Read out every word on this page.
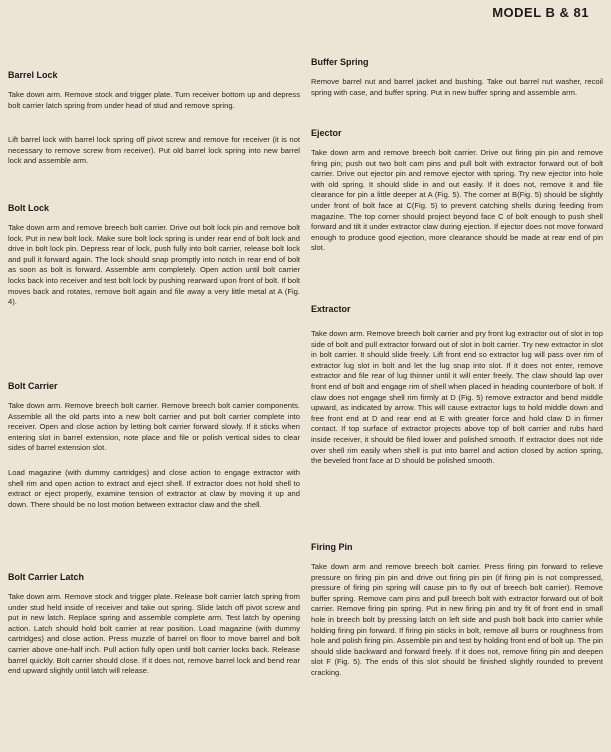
MODEL B & 81

Barrel Lock

Take down arm. Remove stock and trigger plate. Turn receiver bottom up and depress bolt carrier latch spring from under head of stud and remove spring.

Lift barrel lock with barrel lock spring off pivot screw and remove for receiver (it is not necessary to remove screw from receiver). Put old barrel lock spring into new barrel lock and assemble arm.

Bolt Lock

Take down arm and remove breech bolt carrier. Drive out bolt lock pin and remove bolt lock. Put in new bolt lock. Make sure bolt lock spring is under rear end of bolt lock and drive in bolt lock pin. Depress rear of lock, push fully into bolt carrier, release bolt lock and pull it forward again. The lock should snap promptly into notch in rear end of bolt as soon as bolt is forward. Assemble arm completely. Open action until bolt carrier locks back into receiver and test bolt lock by pushing rearward upon front of bolt. If bolt moves back and rotates, remove bolt again and file away a very little metal at A (Fig. 4).

Bolt Carrier

Take down arm. Remove breech bolt carrier. Remove breech bolt carrier components. Assemble all the old parts into a new bolt carrier and put bolt carrier complete into receiver. Open and close action by letting bolt carrier forward slowly. If it sticks when entering slot in barrel extension, note place and file or polish vertical sides to clear sides of barrel extension slot.

Load magazine (with dummy cartridges) and close action to engage extractor with shell rim and open action to extract and eject shell. If extractor does not hold shell to extract or eject properly, examine tension of extractor at claw by moving it up and down. There should be no lost motion between extractor claw and the shell.

Bolt Carrier Latch

Take down arm. Remove stock and trigger plate. Release bolt carrier latch spring from under stud held inside of receiver and take out spring. Slide latch off pivot screw and put in new latch. Replace spring and assemble complete arm. Test latch by opening action. Latch should hold bolt carrier at rear position. Load magazine (with dummy cartridges) and close action. Press muzzle of barrel on floor to move barrel and bolt carrier above one-half inch. Pull action fully open until bolt carrier locks back. Release barrel quickly. Bolt carrier should close. If it does not, remove barrel lock and bend rear end upward slightly until latch will release.

Buffer Spring

Remove barrel nut and barrel jacket and bushing. Take out barrel nut washer, recoil spring with case, and buffer spring. Put in new buffer spring and assemble arm.

Ejector

Take down arm and remove breech bolt carrier. Drive out firing pin pin and remove firing pin; push out two bolt cam pins and pull bolt with extractor forward out of bolt carrier. Drive out ejector pin and remove ejector with spring. Try new ejector into hole with old spring. It should slide in and out easily. If it does not, remove it and file clearance for pin a little deeper at A (Fig. 5). The corner at B(Fig. 5) should be slightly under front of bolt face at C(Fig. 5) to prevent catching shells during feeding from magazine. The top corner should project beyond face C of bolt enough to push shell forward and tilt it under extractor claw during ejection. If ejector does not move forward enough to produce good ejection, more clearance should be made at rear end of pin slot.

Extractor

Take down arm. Remove breech bolt carrier and pry front lug extractor out of slot in top side of bolt and pull extractor forward out of slot in bolt carrier. Try new extractor in slot in bolt carrier. It should slide freely. Lift front end so extractor lug will pass over rim of extractor lug slot in bolt and let the lug snap into slot. If it does not enter, remove extractor and file rear of lug thinner until it will enter freely. The claw should lap over front end of bolt and engage rim of shell when placed in heading counterbore of bolt. If claw does not engage shell rim firmly at D (Fig. 5) remove extractor and bend middle upward, as indicated by arrow. This will cause extractor lugs to hold middle down and free front end at D and rear end at E with greater force and hold claw D in firmer contact. If top surface of extractor projects above top of bolt carrier and rubs hard inside receiver, it should be filed lower and polished smooth. If extractor does not ride over shell rim easily when shell is put into barrel and action closed by action spring, the beveled front face at D should be polished smooth.

Firing Pin

Take down arm and remove breech bolt carrier. Press firing pin forward to relieve pressure on firing pin pin and drive out firing pin pin (if firing pin is not compressed, pressure of firing pin spring will cause pin to fly out of breech bolt carrier). Remove buffer spring. Remove cam pins and pull breech bolt with extractor forward out of bolt carrier. Remove firing pin spring. Put in new firing pin and try fit of front end in small hole in breech bolt by pressing latch on left side and push bolt back into carrier while holding firing pin forward. If firing pin sticks in bolt, remove all burrs or roughness from hole and polish firing pin. Assemble pin and test by holding front end of bolt up. The pin should slide backward and forward freely. If it does not, remove firing pin and deepen slot F (Fig. 5). The ends of this slot should be finished slightly rounded to prevent cracking.
